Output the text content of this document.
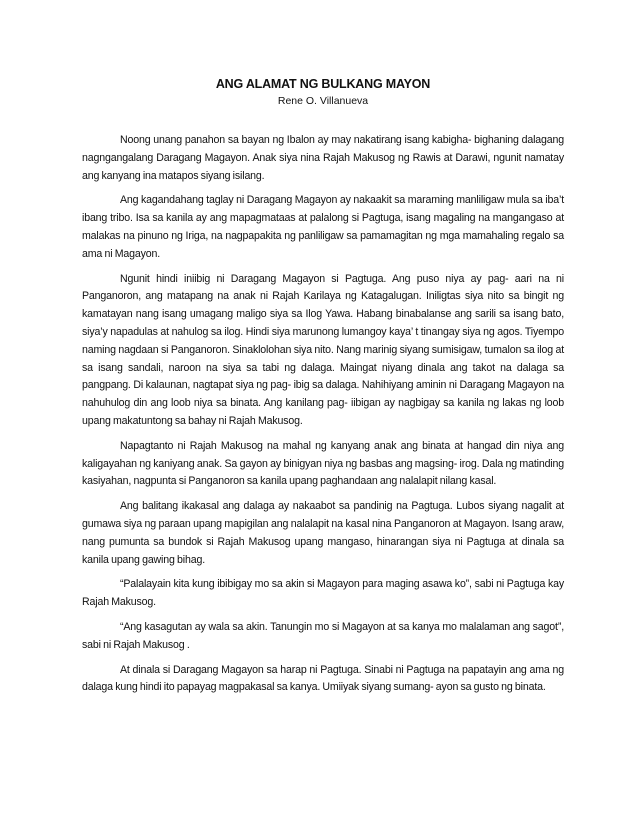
ANG ALAMAT NG BULKANG MAYON

Rene O. Villanueva

Noong unang panahon sa bayan ng Ibalon ay may nakatirang isang kabigha- bighaning dalagang nagngangalang Daragang Magayon. Anak siya nina Rajah Makusog ng Rawis at Darawi, ngunit namatay ang kanyang ina matapos siyang isilang.

Ang kagandahang taglay ni Daragang Magayon ay nakaakit sa maraming manliligaw mula sa iba’t ibang tribo. Isa sa kanila ay ang mapagmataas at palalong si Pagtuga, isang magaling na mangangaso at malakas na pinuno ng Iriga, na nagpapakita ng panliligaw sa pamamagitan ng mga mamahaling regalo sa ama ni Magayon.

Ngunit hindi iniibig ni Daragang Magayon si Pagtuga. Ang puso niya ay pag- aari na ni Panganoron, ang matapang na anak ni Rajah Karilaya ng Katagalugan. Iniligtas siya nito sa bingit ng kamatayan nang isang umagang maligo siya sa Ilog Yawa. Habang binabalanse ang sarili sa isang bato, siya’y napadulas at nahulog sa ilog. Hindi siya marunong lumangoy kaya’ t tinangay siya ng agos. Tiyempo naming nagdaan si Panganoron. Sinaklolohan siya nito. Nang marinig siyang sumisigaw, tumalon sa ilog at sa isang sandali, naroon na siya sa tabi ng dalaga. Maingat niyang dinala ang takot na dalaga sa pangpang. Di kalaunan, nagtapat siya ng pag- ibig sa dalaga. Nahihiyang aminin ni Daragang Magayon na nahuhulog din ang loob niya sa binata. Ang kanilang pag- iibigan ay nagbigay sa kanila ng lakas ng loob upang makatuntong sa bahay ni Rajah Makusog.

Napagtanto ni Rajah Makusog na mahal ng kanyang anak ang binata at hangad din niya ang kaligayahan ng kaniyang anak. Sa gayon ay binigyan niya ng basbas ang magsing- irog. Dala ng matinding kasiyahan, nagpunta si Panganoron sa kanila upang paghandaan ang nalalapit nilang kasal.

Ang balitang ikakasal ang dalaga ay nakaabot sa pandinig na Pagtuga. Lubos siyang nagalit at gumawa siya ng paraan upang mapigilan ang nalalapit na kasal nina Panganoron at Magayon. Isang araw, nang pumunta sa bundok si Rajah Makusog upang mangaso, hinarangan siya ni Pagtuga at dinala sa kanila upang gawing bihag.

“Palalayain kita kung ibibigay mo sa akin si Magayon para maging asawa ko”, sabi ni Pagtuga kay Rajah Makusog.

“Ang kasagutan ay wala sa akin. Tanungin mo si Magayon at sa kanya mo malalaman ang sagot”, sabi ni Rajah Makusog .

At dinala si Daragang Magayon sa harap ni Pagtuga. Sinabi ni Pagtuga na papatayin ang ama ng dalaga kung hindi ito papayag magpakasal sa kanya. Umiiyak siyang sumang- ayon sa gusto ng binata.
